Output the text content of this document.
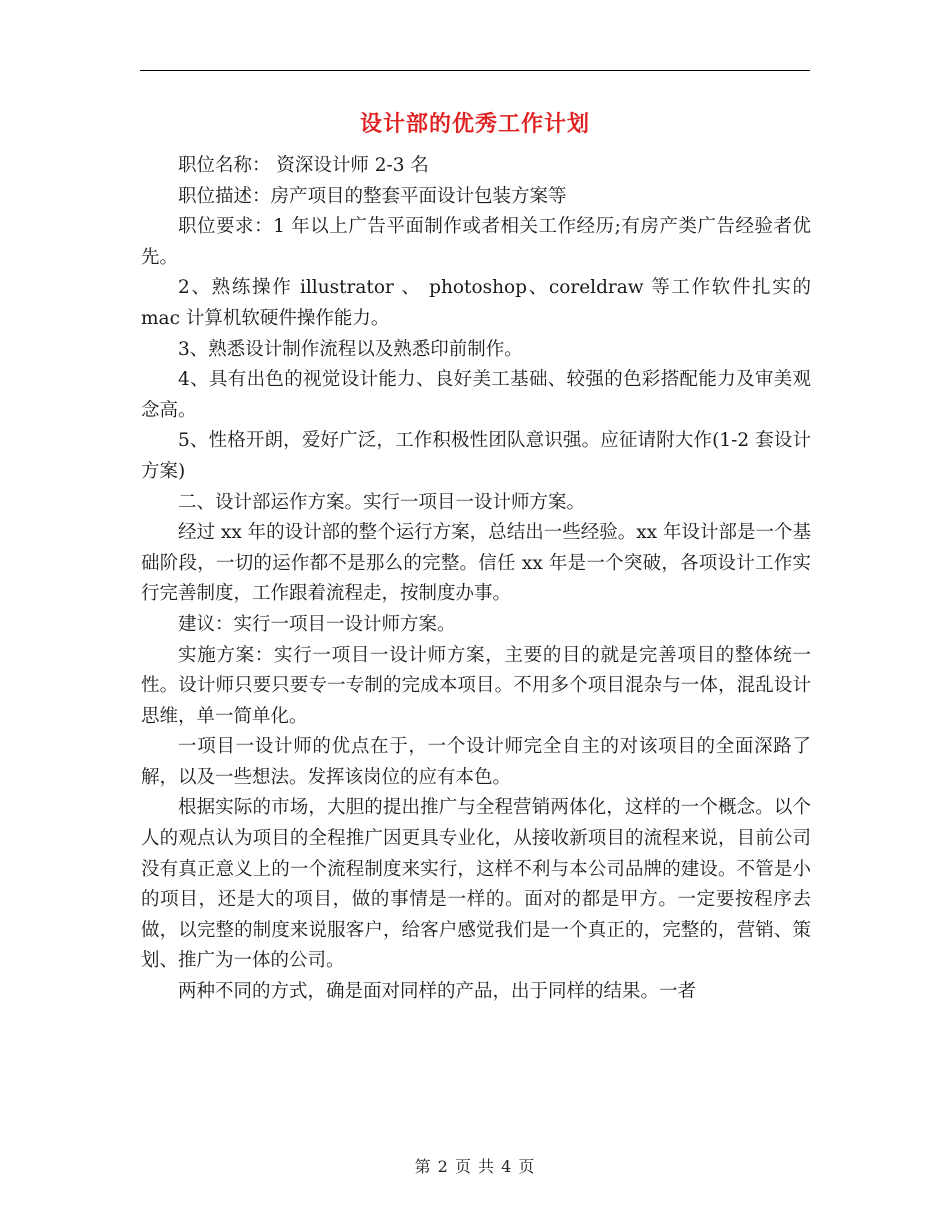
设计部的优秀工作计划

职位名称： 资深设计师 2-3 名

职位描述：房产项目的整套平面设计包装方案等

职位要求：1 年以上广告平面制作或者相关工作经历;有房产类广告经验者优先。

2、熟练操作 illustrator 、 photoshop、coreldraw 等工作软件扎实的 mac 计算机软硬件操作能力。

3、熟悉设计制作流程以及熟悉印前制作。

4、具有出色的视觉设计能力、良好美工基础、较强的色彩搭配能力及审美观念高。

5、性格开朗，爱好广泛，工作积极性团队意识强。应征请附大作(1-2 套设计方案)

二、设计部运作方案。实行一项目一设计师方案。

经过 xx 年的设计部的整个运行方案，总结出一些经验。xx 年设计部是一个基础阶段，一切的运作都不是那么的完整。信任 xx 年是一个突破，各项设计工作实行完善制度，工作跟着流程走，按制度办事。

建议：实行一项目一设计师方案。

实施方案：实行一项目一设计师方案，主要的目的就是完善项目的整体统一性。设计师只要只要专一专制的完成本项目。不用多个项目混杂与一体，混乱设计思维，单一简单化。

一项目一设计师的优点在于，一个设计师完全自主的对该项目的全面深路了解，以及一些想法。发挥该岗位的应有本色。

根据实际的市场，大胆的提出推广与全程营销两体化，这样的一个概念。以个人的观点认为项目的全程推广因更具专业化，从接收新项目的流程来说，目前公司没有真正意义上的一个流程制度来实行，这样不利与本公司品牌的建设。不管是小的项目，还是大的项目，做的事情是一样的。面对的都是甲方。一定要按程序去做，以完整的制度来说服客户，给客户感觉我们是一个真正的，完整的，营销、策划、推广为一体的公司。

两种不同的方式，确是面对同样的产品，出于同样的结果。一者

第 2 页 共 4 页
